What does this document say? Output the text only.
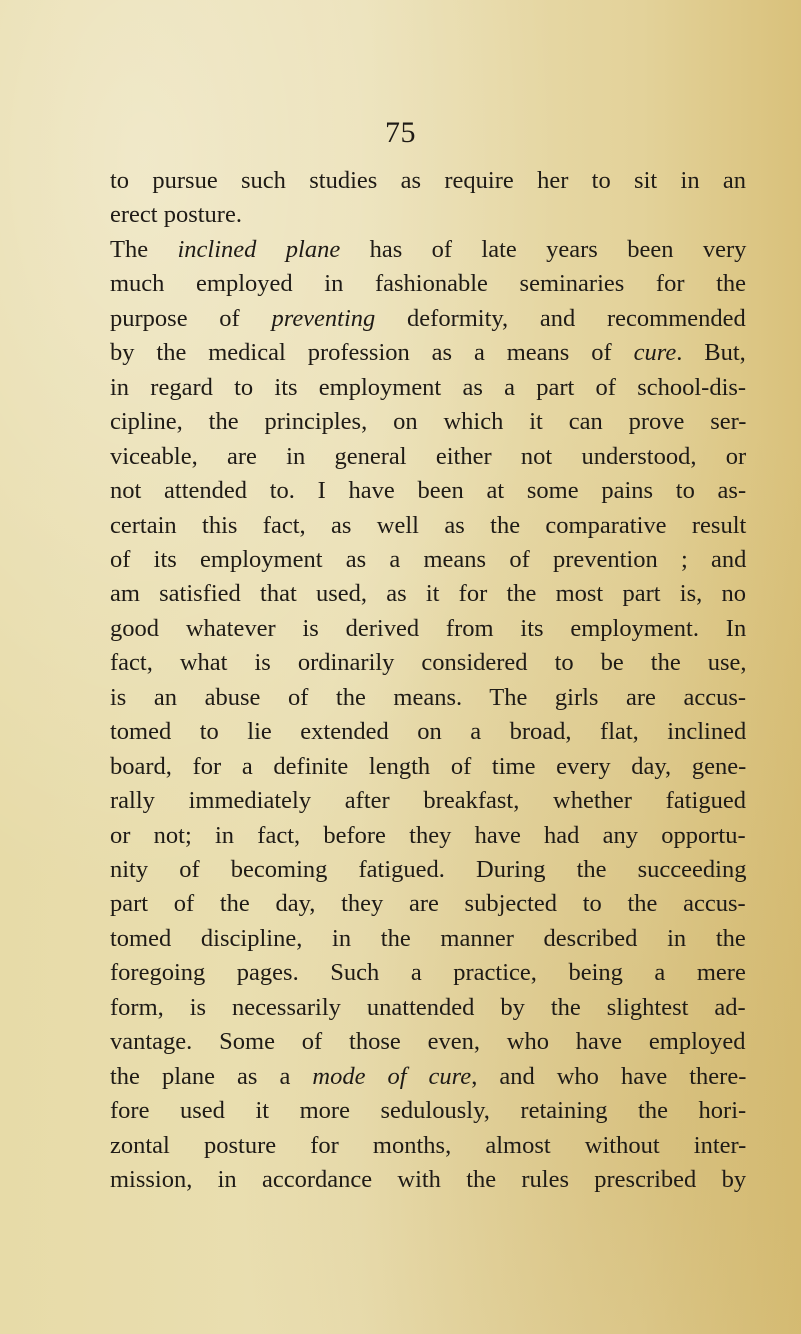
75
to pursue such studies as require her to sit in an
erect posture.
The inclined plane has of late years been very
much employed in fashionable seminaries for the
purpose of preventing deformity, and recommended
by the medical profession as a means of cure. But,
in regard to its employment as a part of school-dis-
cipline, the principles, on which it can prove ser-
viceable, are in general either not understood, or
not attended to. I have been at some pains to as-
certain this fact, as well as the comparative result
of its employment as a means of prevention ; and
am satisfied that used, as it for the most part is, no
good whatever is derived from its employment. In
fact, what is ordinarily considered to be the use,
is an abuse of the means. The girls are accus-
tomed to lie extended on a broad, flat, inclined
board, for a definite length of time every day, gene-
rally immediately after breakfast, whether fatigued
or not; in fact, before they have had any opportu-
nity of becoming fatigued. During the succeeding
part of the day, they are subjected to the accus-
tomed discipline, in the manner described in the
foregoing pages. Such a practice, being a mere
form, is necessarily unattended by the slightest ad-
vantage. Some of those even, who have employed
the plane as a mode of cure, and who have there-
fore used it more sedulously, retaining the hori-
zontal posture for months, almost without inter-
mission, in accordance with the rules prescribed by
